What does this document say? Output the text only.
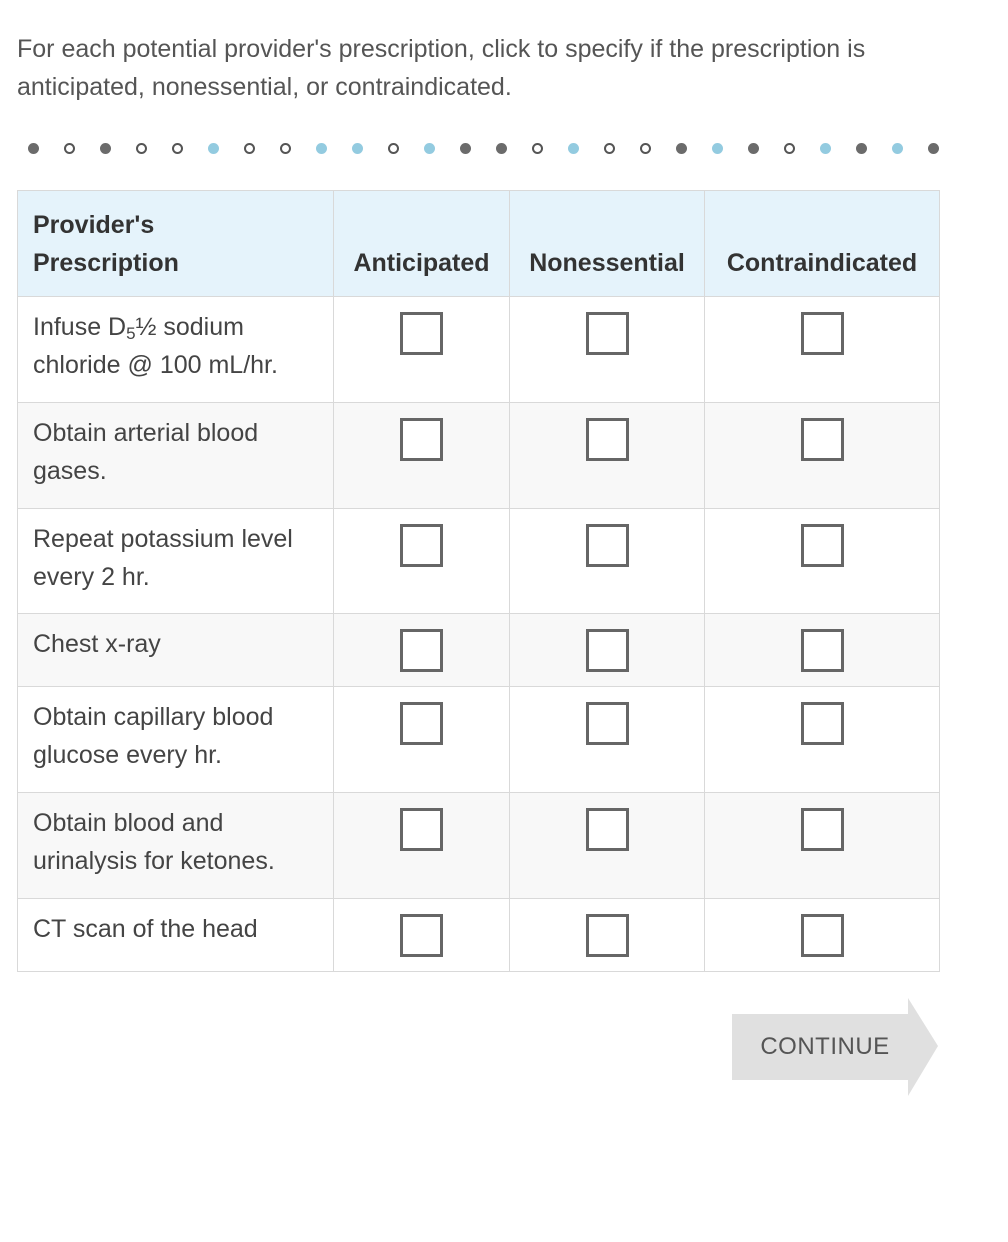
For each potential provider's prescription, click to specify if the prescription is anticipated, nonessential, or contraindicated.

Provider's Prescription	Anticipated	Nonessential	Contraindicated
Infuse $D_5\frac{1}{2}$ sodium chloride @ 100 mL/hr.			
Obtain arterial blood gases.			
Repeat potassium level every 2 hr.			
Chest x-ray			
Obtain capillary blood glucose every hr.			
Obtain blood and urinalysis for ketones.			
CT scan of the head			
CONTINUE
